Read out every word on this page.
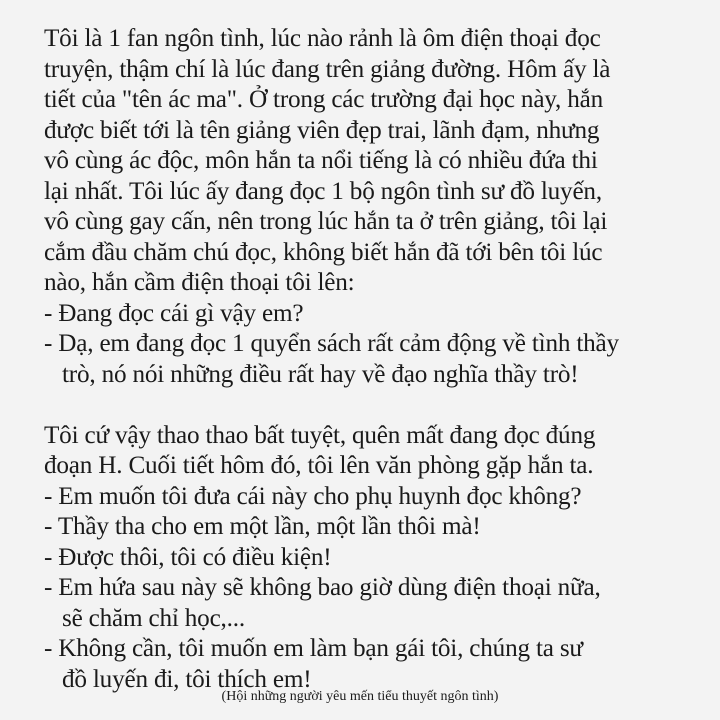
Tôi là 1 fan ngôn tình, lúc nào rảnh là ôm điện thoại đọc
truyện, thậm chí là lúc đang trên giảng đường. Hôm ấy là
tiết của "tên ác ma". Ở trong các trường đại học này, hắn
được biết tới là tên giảng viên đẹp trai, lãnh đạm, nhưng
vô cùng ác độc, môn hắn ta nổi tiếng là có nhiều đứa thi
lại nhất. Tôi lúc ấy đang đọc 1 bộ ngôn tình sư đồ luyến,
vô cùng gay cấn, nên trong lúc hắn ta ở trên giảng, tôi lại
cắm đầu chăm chú đọc, không biết hắn đã tới bên tôi lúc
nào, hắn cầm điện thoại tôi lên:
- Đang đọc cái gì vậy em?
- Dạ, em đang đọc 1 quyển sách rất cảm động về tình thầy
trò, nó nói những điều rất hay về đạo nghĩa thầy trò!
Tôi cứ vậy thao thao bất tuyệt, quên mất đang đọc đúng
đoạn H. Cuối tiết hôm đó, tôi lên văn phòng gặp hắn ta.
- Em muốn tôi đưa cái này cho phụ huynh đọc không?
- Thầy tha cho em một lần, một lần thôi mà!
- Được thôi, tôi có điều kiện!
- Em hứa sau này sẽ không bao giờ dùng điện thoại nữa,
sẽ chăm chỉ học,...
- Không cần, tôi muốn em làm bạn gái tôi, chúng ta sư
đồ luyến đi, tôi thích em!
(Hội những người yêu mến tiểu thuyết ngôn tình)
